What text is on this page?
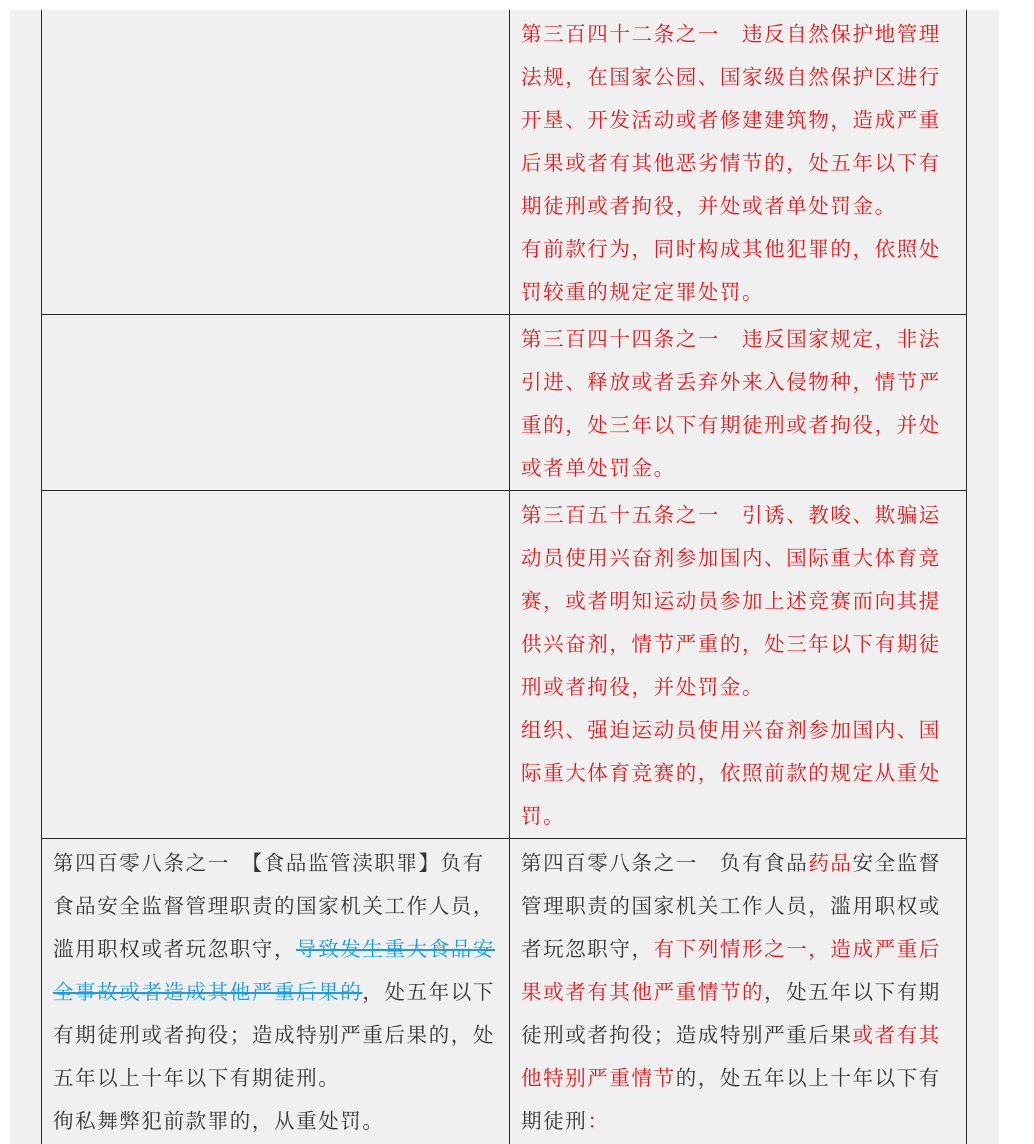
	第三百四十二条之一　违反自然保护地管理法规，在国家公园、国家级自然保护区进行开垦、开发活动或者修建建筑物，造成严重后果或者有其他恶劣情节的，处五年以下有期徒刑或者拘役，并处或者单处罚金。

有前款行为，同时构成其他犯罪的，依照处罚较重的规定定罪处罚。

	第三百四十四条之一　违反国家规定，非法引进、释放或者丢弃外来入侵物种，情节严重的，处三年以下有期徒刑或者拘役，并处或者单处罚金。

	第三百五十五条之一　引诱、教唆、欺骗运动员使用兴奋剂参加国内、国际重大体育竞赛，或者明知运动员参加上述竞赛而向其提供兴奋剂，情节严重的，处三年以下有期徒刑或者拘役，并处罚金。

组织、强迫运动员使用兴奋剂参加国内、国际重大体育竞赛的，依照前款的规定从重处罚。

第四百零八条之一　【食品监管渎职罪】负有食品安全监督管理职责的国家机关工作人员，滥用职权或者玩忽职守，导致发生重大食品安全事故或者造成其他严重后果的，处五年以下有期徒刑或者拘役；造成特别严重后果的，处五年以上十年以下有期徒刑。

徇私舞弊犯前款罪的，从重处罚。	第四百零八条之一　负有食品药品安全监督管理职责的国家机关工作人员，滥用职权或者玩忽职守，有下列情形之一，造成严重后果或者有其他严重情节的，处五年以下有期徒刑或者拘役；造成特别严重后果或者有其他特别严重情节的，处五年以上十年以下有期徒刑：
